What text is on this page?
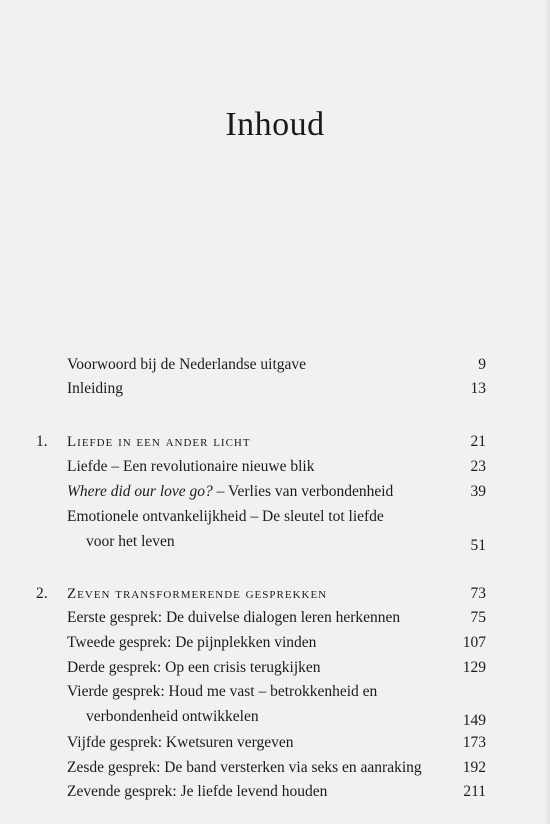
Inhoud
Voorwoord bij de Nederlandse uitgave	9
Inleiding	13
1. Liefde in een ander licht	21
Liefde – Een revolutionaire nieuwe blik	23
Where did our love go? – Verlies van verbondenheid	39
Emotionele ontvankelijkheid – De sleutel tot liefde
voor het leven	51
2. Zeven transformerende gesprekken	73
Eerste gesprek: De duivelse dialogen leren herkennen	75
Tweede gesprek: De pijnplekken vinden	107
Derde gesprek: Op een crisis terugkijken	129
Vierde gesprek: Houd me vast – betrokkenheid en
verbondenheid ontwikkelen	149
Vijfde gesprek: Kwetsuren vergeven	173
Zesde gesprek: De band versterken via seks en aanraking	192
Zevende gesprek: Je liefde levend houden	211
